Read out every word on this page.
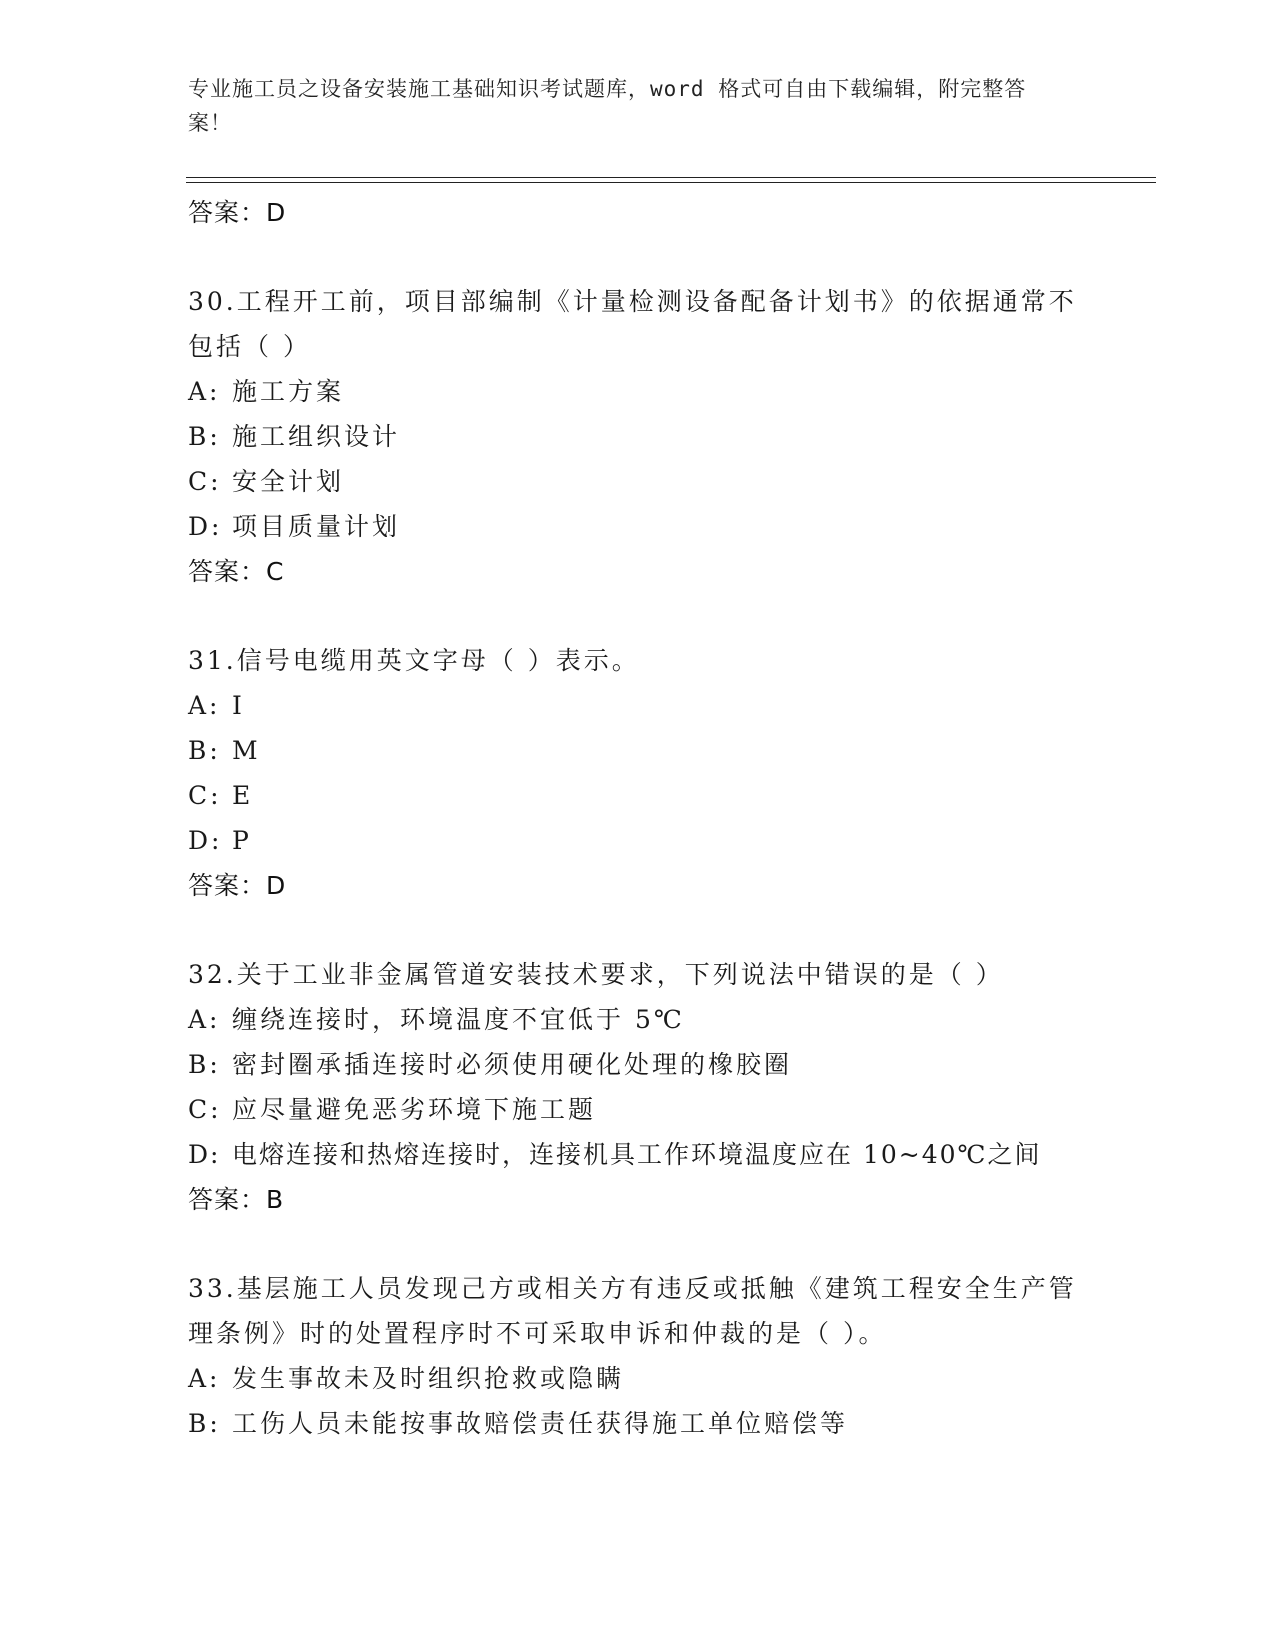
专业施工员之设备安装施工基础知识考试题库，word 格式可自由下载编辑，附完整答案！
答案：D
30.工程开工前，项目部编制《计量检测设备配备计划书》的依据通常不包括（ ）
A: 施工方案
B: 施工组织设计
C: 安全计划
D: 项目质量计划
答案：C
31.信号电缆用英文字母（ ）表示。
A: I
B: M
C: E
D: P
答案：D
32.关于工业非金属管道安装技术要求，下列说法中错误的是（ ）
A: 缠绕连接时，环境温度不宜低于 5℃
B: 密封圈承插连接时必须使用硬化处理的橡胶圈
C: 应尽量避免恶劣环境下施工题
D: 电熔连接和热熔连接时，连接机具工作环境温度应在 10~40℃之间
答案：B
33.基层施工人员发现己方或相关方有违反或抵触《建筑工程安全生产管理条例》时的处置程序时不可采取申诉和仲裁的是（ ）。
A: 发生事故未及时组织抢救或隐瞒
B: 工伤人员未能按事故赔偿责任获得施工单位赔偿等
